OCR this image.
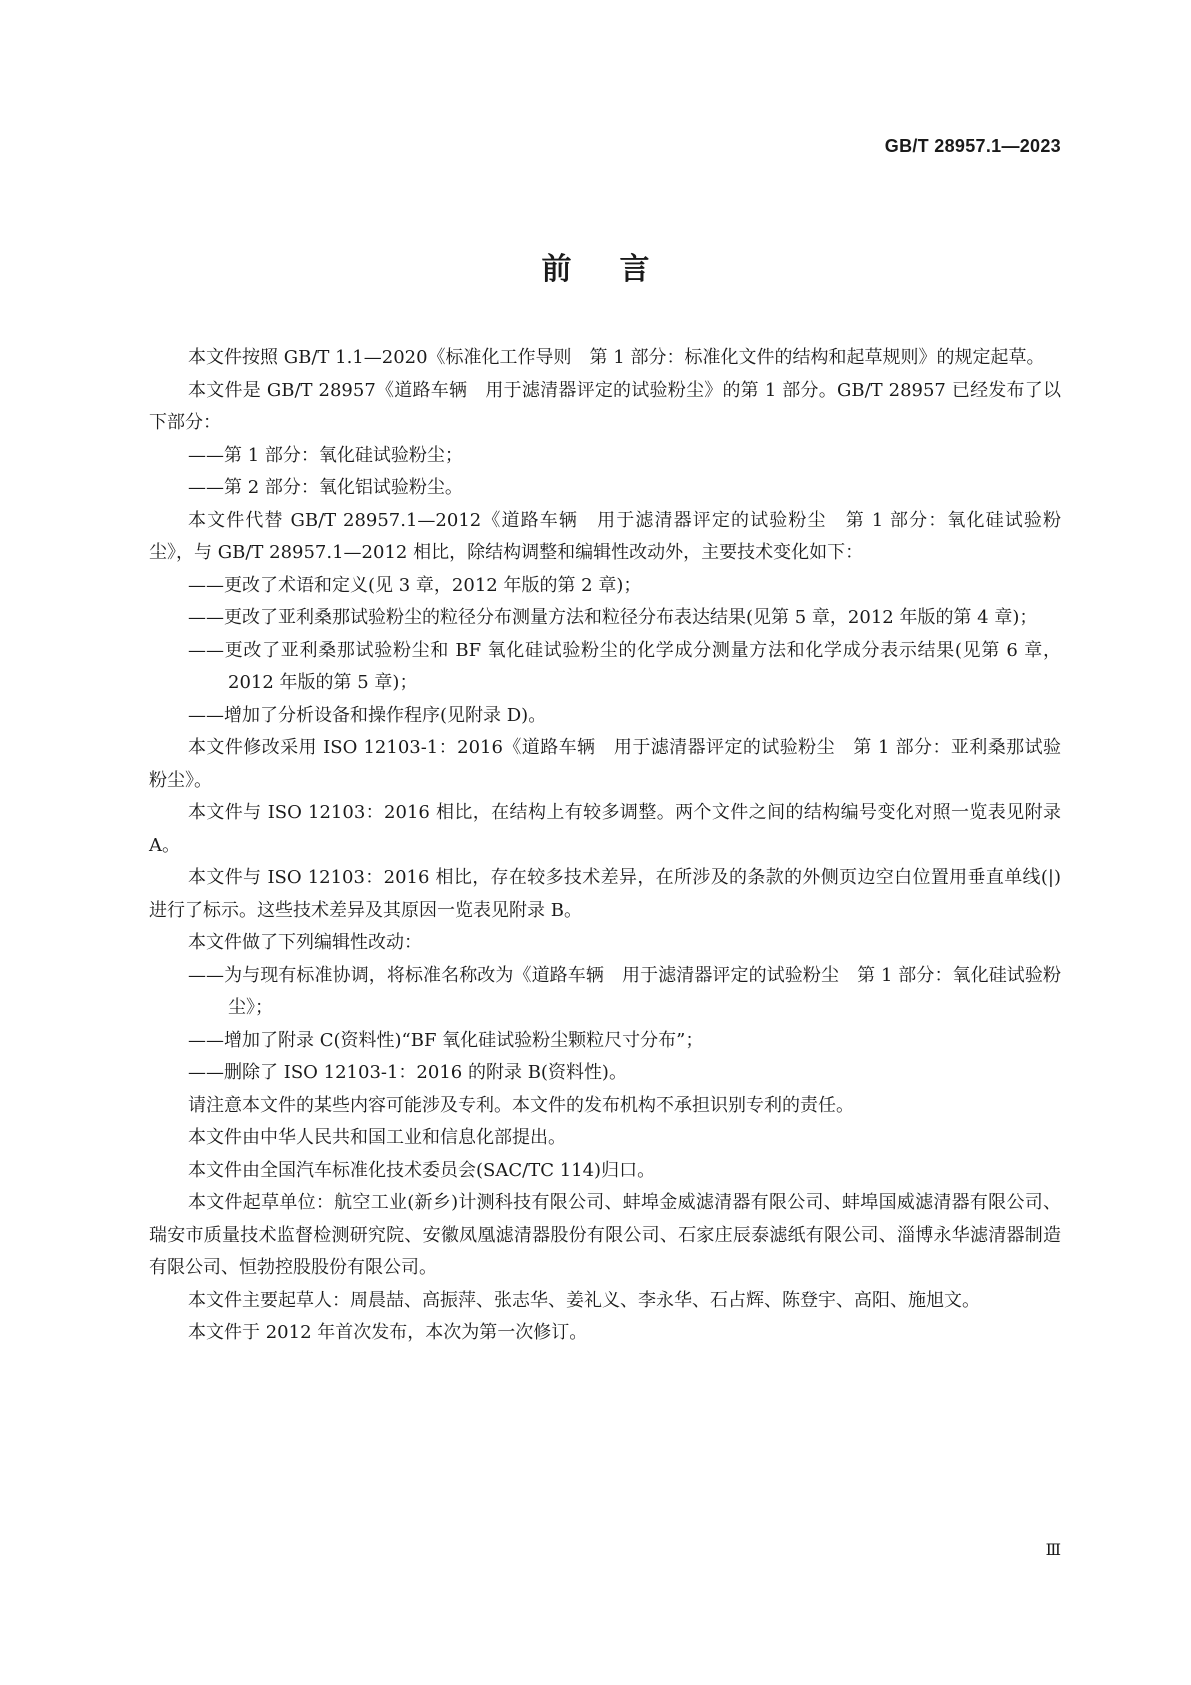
GB/T 28957.1—2023
前言

本文件按照 GB/T 1.1—2020《标准化工作导则　第 1 部分：标准化文件的结构和起草规则》的规定起草。

本文件是 GB/T 28957《道路车辆　用于滤清器评定的试验粉尘》的第 1 部分。GB/T 28957 已经发布了以下部分：

——第 1 部分：氧化硅试验粉尘；

——第 2 部分：氧化铝试验粉尘。

本文件代替 GB/T 28957.1—2012《道路车辆　用于滤清器评定的试验粉尘　第 1 部分：氧化硅试验粉尘》，与 GB/T 28957.1—2012 相比，除结构调整和编辑性改动外，主要技术变化如下：

——更改了术语和定义(见 3 章，2012 年版的第 2 章)；

——更改了亚利桑那试验粉尘的粒径分布测量方法和粒径分布表达结果(见第 5 章，2012 年版的第 4 章)；

——更改了亚利桑那试验粉尘和 BF 氧化硅试验粉尘的化学成分测量方法和化学成分表示结果(见第 6 章，2012 年版的第 5 章)；

——增加了分析设备和操作程序(见附录 D)。

本文件修改采用 ISO 12103-1：2016《道路车辆　用于滤清器评定的试验粉尘　第 1 部分：亚利桑那试验粉尘》。

本文件与 ISO 12103：2016 相比，在结构上有较多调整。两个文件之间的结构编号变化对照一览表见附录 A。

本文件与 ISO 12103：2016 相比，存在较多技术差异，在所涉及的条款的外侧页边空白位置用垂直单线(|)进行了标示。这些技术差异及其原因一览表见附录 B。

本文件做了下列编辑性改动：

——为与现有标准协调，将标准名称改为《道路车辆　用于滤清器评定的试验粉尘　第 1 部分：氧化硅试验粉尘》；

——增加了附录 C(资料性)“BF 氧化硅试验粉尘颗粒尺寸分布”；

——删除了 ISO 12103-1：2016 的附录 B(资料性)。

请注意本文件的某些内容可能涉及专利。本文件的发布机构不承担识别专利的责任。

本文件由中华人民共和国工业和信息化部提出。

本文件由全国汽车标准化技术委员会(SAC/TC 114)归口。

本文件起草单位：航空工业(新乡)计测科技有限公司、蚌埠金威滤清器有限公司、蚌埠国威滤清器有限公司、瑞安市质量技术监督检测研究院、安徽凤凰滤清器股份有限公司、石家庄辰泰滤纸有限公司、淄博永华滤清器制造有限公司、恒勃控股股份有限公司。

本文件主要起草人：周晨喆、高振萍、张志华、姜礼义、李永华、石占辉、陈登宇、高阳、施旭文。

本文件于 2012 年首次发布，本次为第一次修订。

Ⅲ
